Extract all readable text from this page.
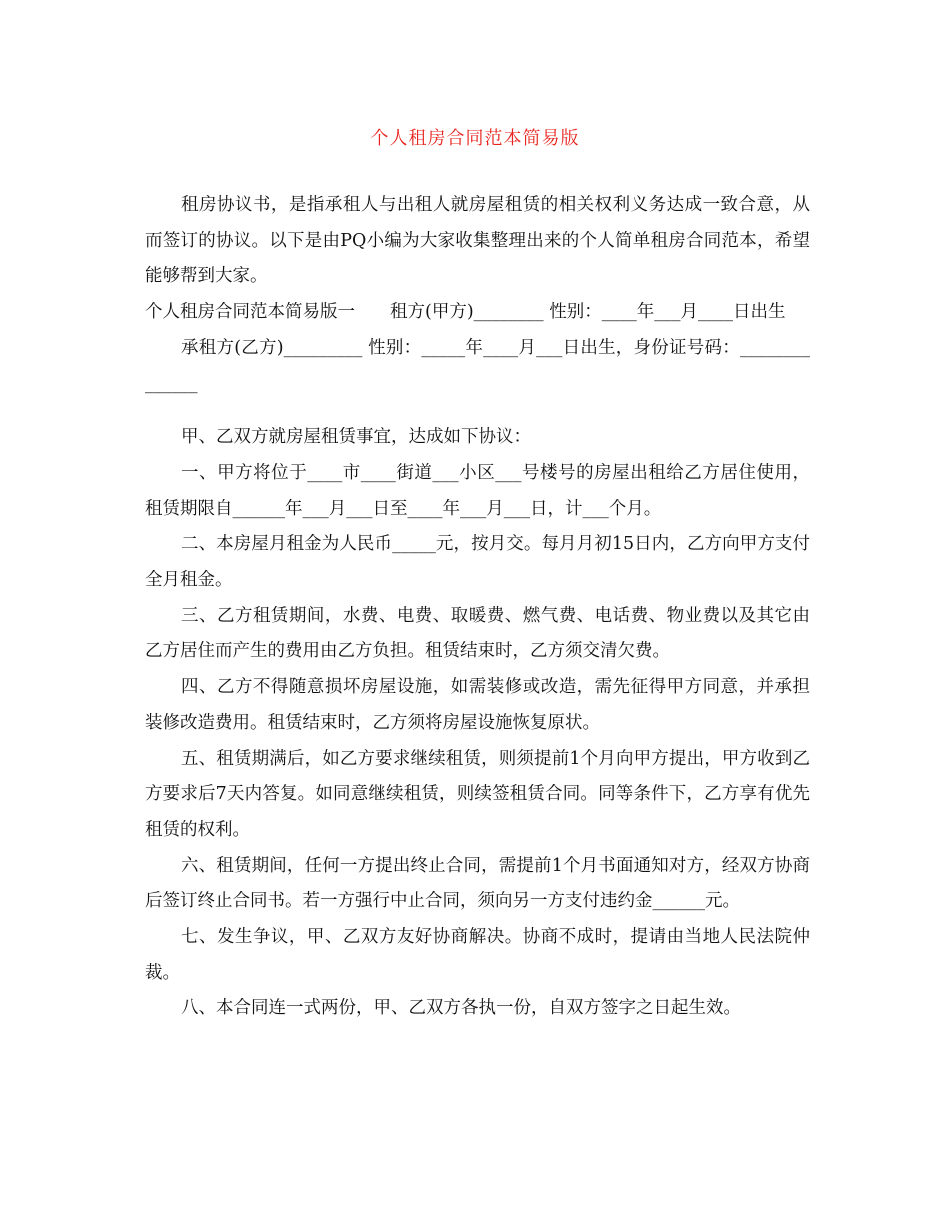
个人租房合同范本简易版

租房协议书，是指承租人与出租人就房屋租赁的相关权利义务达成一致合意，从而签订的协议。以下是由PQ小编为大家收集整理出来的个人简单租房合同范本，希望能够帮到大家。

个人租房合同范本简易版一　　租方(甲方)________ 性别：____年___月____日出生

承租方(乙方)_________ 性别：_____年____月___日出生，身份证号码：______________

甲、乙双方就房屋租赁事宜，达成如下协议：

一、甲方将位于____市____街道___小区___号楼号的房屋出租给乙方居住使用，租赁期限自______年___月___日至____年___月___日，计___个月。

二、本房屋月租金为人民币_____元，按月交。每月月初15日内，乙方向甲方支付全月租金。

三、乙方租赁期间，水费、电费、取暖费、燃气费、电话费、物业费以及其它由乙方居住而产生的费用由乙方负担。租赁结束时，乙方须交清欠费。

四、乙方不得随意损坏房屋设施，如需装修或改造，需先征得甲方同意，并承担装修改造费用。租赁结束时，乙方须将房屋设施恢复原状。

五、租赁期满后，如乙方要求继续租赁，则须提前1个月向甲方提出，甲方收到乙方要求后7天内答复。如同意继续租赁，则续签租赁合同。同等条件下，乙方享有优先租赁的权利。

六、租赁期间，任何一方提出终止合同，需提前1个月书面通知对方，经双方协商后签订终止合同书。若一方强行中止合同，须向另一方支付违约金______元。

七、发生争议，甲、乙双方友好协商解决。协商不成时，提请由当地人民法院仲裁。

八、本合同连一式两份，甲、乙双方各执一份，自双方签字之日起生效。
